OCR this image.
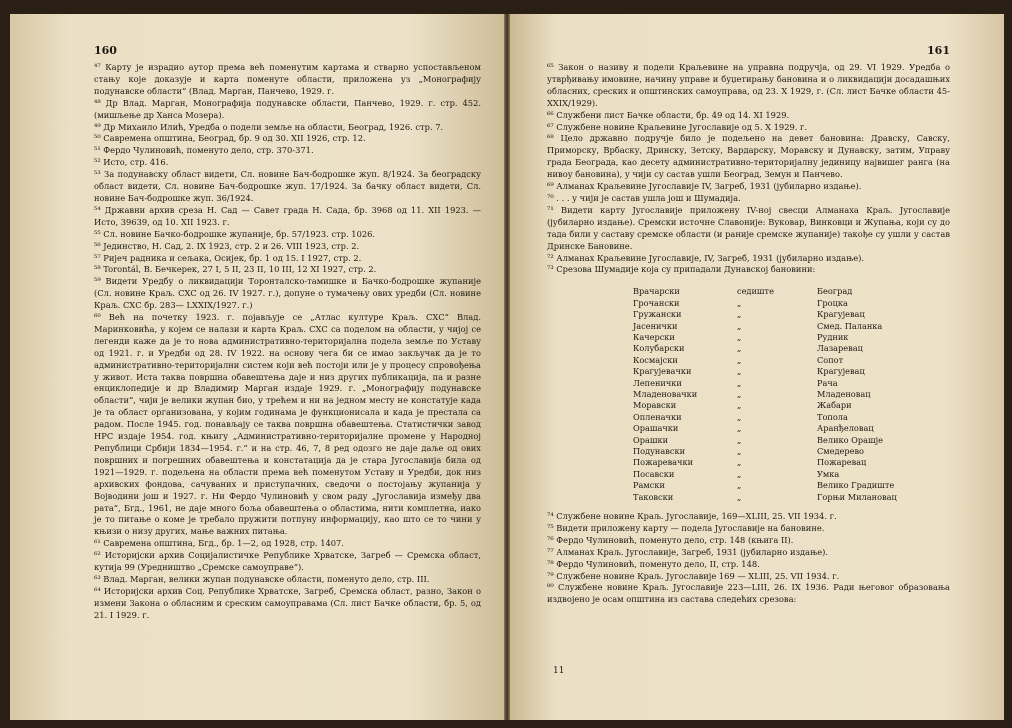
160

⁴⁷ Карту је израдио аутор према већ поменутим картама и стварно успостављеном стању које доказује и карта поменуте области, приложена уз „Монографију подунавске области“ (Влад. Марган, Панчево, 1929. г.

⁴⁸ Др Влад. Марган, Монографија подунавске области, Панчево, 1929. г. стр. 452. (мишљење др Ханса Мозера).

⁴⁹ Др Михаило Илић, Уредба о подели земље на области, Београд, 1926. стр. 7.

⁵⁰ Савремена општина, Београд, бр. 9 од 30. XII 1926, стр. 12.

⁵¹ Фердо Чулиновић, поменуто дело, стр. 370-371.

⁵² Исто, стр. 416.

⁵³ За подунавску област видети, Сл. новине Бач-бодрошке жуп. 8/1924. За београдску област видети, Сл. новине Бач-бодрошке жуп. 17/1924. За бачку област видети, Сл. новине Бач-бодрошке жуп. 36/1924.

⁵⁴ Државни архив среза Н. Сад — Савет града Н. Сада, бр. 3968 од 11. XII 1923. — Исто, 39639, од 10. XII 1923. г.

⁵⁵ Сл. новине Бачко-бодрошке жупаније, бр. 57/1923. стр. 1026.

⁵⁶ Јединство, Н. Сад, 2. IX 1923, стр. 2 и 26. VIII 1923, стр. 2.

⁵⁷ Ријеч радника и сељака, Осијек, бр. 1 од 15. I 1927, стр. 2.

⁵⁸ Torontál, В. Бечкерек, 27 I, 5 II, 23 II, 10 III, 12 XI 1927, стр. 2.

⁵⁹ Видети Уредбу о ликвидацији Торонталско-тамишке и Бачко-бодрошке жупаније (Сл. новине Краљ. СХС од 26. IV 1927. г.), допуне о тумачењу ових уредби (Сл. новине Краљ. СХС бр. 283— LXXIX/1927. г.)

⁶⁰ Већ на почетку 1923. г. појављује се „Атлас културе Краљ. СХС“ Влад. Маринковића, у којем се налази и карта Краљ. СХС са поделом на области, у чијој се легенди каже да је то нова административно-територијална подела земље по Уставу од 1921. г. и Уредби од 28. IV 1922. на основу чега би се имао закључак да је то административно-територијални систем који већ постоји или је у процесу спровођења у живот. Иста таква површна обавештења даје и низ других публикација, па и разне енциклопедије и др Владимир Марган издаје 1929. г. „Монографију подунавске области“, чији је велики жупан био, у трећем и ни на једном месту не констатује када је та област организована, у којим годинама је функционисала и када је престала са радом. После 1945. год. понављају се таква површна обавештења. Статистички завод НРС издаје 1954. год. књигу „Административно-територијалне промене у Народној Републици Србији 1834—1954. г.“ и на стр. 46, 7, 8 ред одозго не даје даље од ових површних и погрешних обавештења и констатација да је стара Југославија била од 1921—1929. г. подељена на области према већ поменутом Уставу и Уредби, док низ архивских фондова, сачуваних и приступачних, сведочи о постојању жупанија у Војводини још и 1927. г. Ни Фердо Чулиновић у свом раду „Југославија између два рата“, Бгд., 1961, не даје много боља обавештења о областима, нити комплетна, иако је то питање о коме је требало пружити потпуну информацију, као што се то чини у књизи о низу других, мање важних питања.

⁶¹ Савремена општина, Бгд., бр. 1—2, од 1928, стр. 1407.

⁶² Историјски архив Социјалистичке Републике Хрватске, Загреб — Сремска област, кутија 99 (Уредништво „Сремске самоуправе“).

⁶³ Влад. Марган, велики жупан подунавске области, поменуто дело, стр. III.

⁶⁴ Историјски архив Соц. Републике Хрватске, Загреб, Сремска област, разно, Закон о измени Закона о обласним и среским самоуправама (Сл. лист Бачке области, бр. 5, од 21. I 1929. г.

161

⁶⁵ Закон о називу и подели Краљевине на управна подручја, од 29. VI 1929. Уредба о утврђивању имовине, начину управе и буџетирању бановина и о ликвидацији досадашњих обласних, среских и општинских самоуправа, од 23. X 1929, г. (Сл. лист Бачке области 45-XXIX/1929).

⁶⁶ Службени лист Бачке области, бр. 49 од 14. XI 1929.

⁶⁷ Службене новине Краљевине Југославије од 5. X 1929. г.

⁶⁸ Цело државно подручје било је подељено на девет бановина: Дравску, Савску, Приморску, Врбаску, Дринску, Зетску, Вардарску, Моравску и Дунавску, затим, Управу града Београда, као десету административно-територијалну јединицу највишег ранга (на нивоу бановина), у чији су састав ушли Београд, Земун и Панчево.

⁶⁹ Алманах Краљевине Југославије IV, Загреб, 1931 (јубиларно издање).

⁷⁰ . . . у чији је састав ушла још и Шумадија.

⁷¹ Видети карту Југославије приложену IV-ној свесци Алманаха Краљ. Југославије (јубиларно издање). Сремски источне Славоније: Вуковар, Винковци и Жупања, који су до тада били у саставу сремске области (и раније сремске жупаније) такође су ушли у састав Дринске Бановине.

⁷² Алманах Краљевине Југославије, IV, Загреб, 1931 (јубиларно издање).

⁷³ Срезова Шумадије која су припадали Дунавској бановини:

Врачарски	седиште	Београд
Грочански	„	Гроцка
Гружански	„	Крагујевац
Јасенички	„	Смед. Паланка
Качерски	„	Рудник
Колубарски	„	Лазаревац
Космајски	„	Сопот
Крагујевачки	„	Крагујевац
Лепенички	„	Рача
Младеновачки	„	Младеновац
Моравски	„	Жабари
Опленачки	„	Топола
Орашачки	„	Аранђеловац
Орашки	„	Велико Орашје
Подунавски	„	Смедерево
Пожаревачки	„	Пожаревац
Посавски	„	Умка
Рамски	„	Велико Градиште
Таковски	„	Горњи Милановац

⁷⁴ Службене новине Краљ. Југославије, 169—XLIII, 25. VII 1934. г.

⁷⁵ Видети приложену карту — подела Југославије на бановине.

⁷⁶ Фердо Чулиновић, поменуто дело, стр. 148 (књига II).

⁷⁷ Алманах Краљ. Југославије, Загреб, 1931 (јубиларно издање).

⁷⁸ Фердо Чулиновић, поменуто дело, II, стр. 148.

⁷⁹ Службене новине Краљ. Југославије 169 — XLIII, 25. VII 1934. г.

⁸⁰ Службене новине Краљ. Југославије 223—LIII, 26. IX 1936. Ради његовог образовања издвојено је осам општина из састава следећих срезова:

11
